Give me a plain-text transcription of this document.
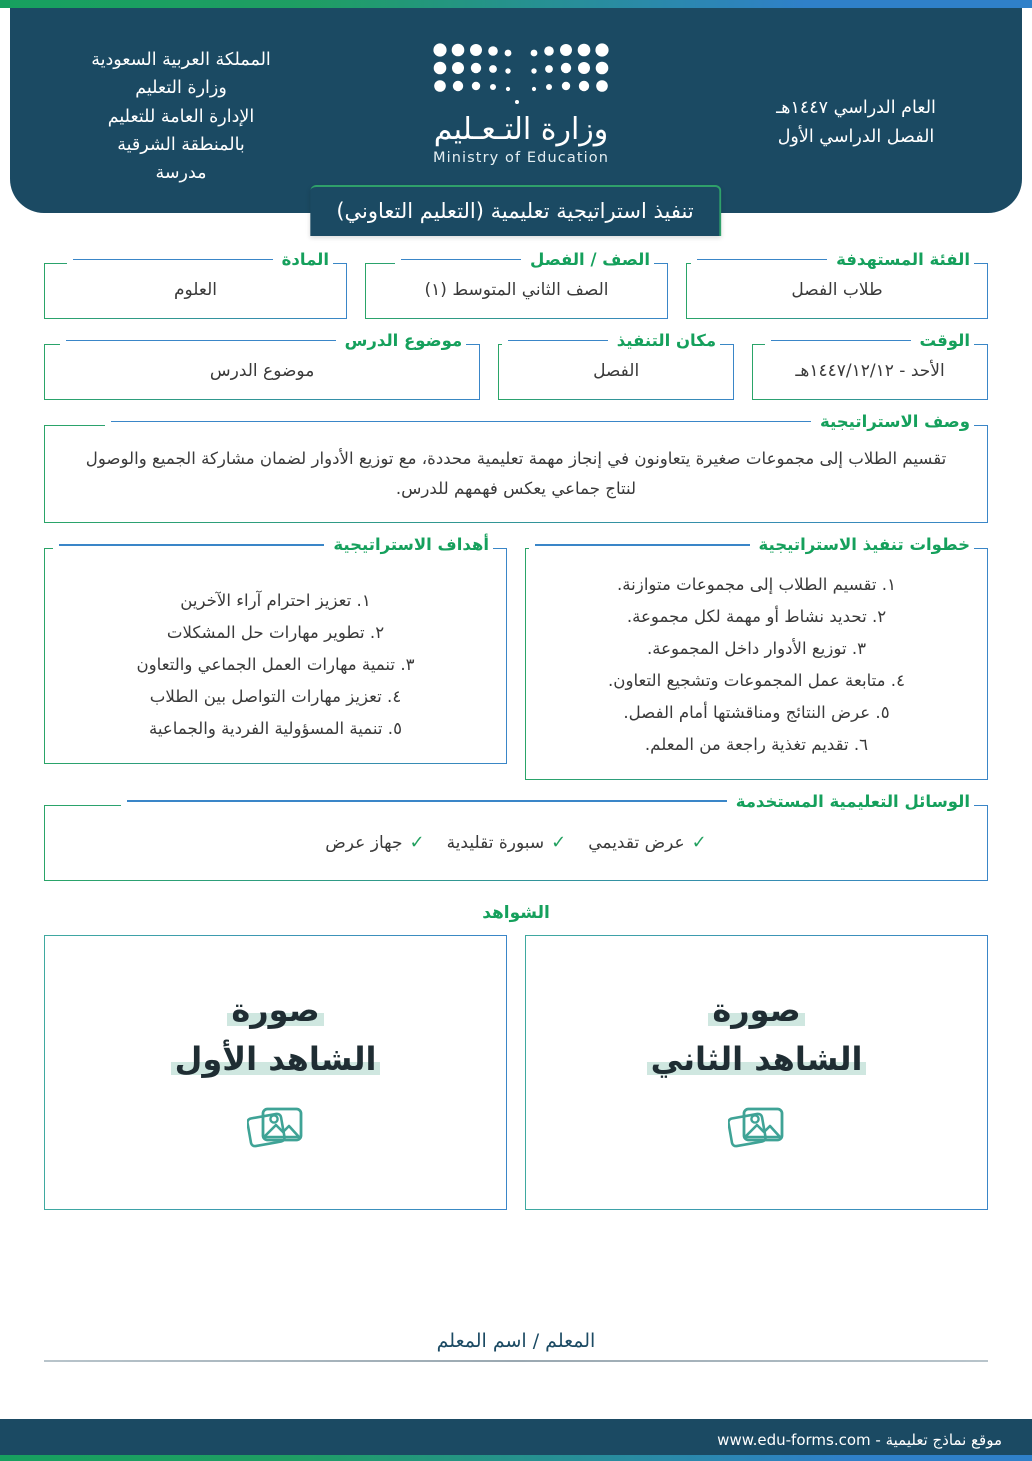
المملكة العربية السعودية
وزارة التعليم
الإدارة العامة للتعليم
بالمنطقة الشرقية
مدرسة
وزارة التـعـليم
Ministry of Education
العام الدراسي ١٤٤٧هـ
الفصل الدراسي الأول
تنفيذ استراتيجية تعليمية (التعليم التعاوني)
الفئة المستهدفة
طلاب الفصل
الصف / الفصل
الصف الثاني المتوسط (١)
المادة
العلوم
الوقت
الأحد - ١٤٤٧/١٢/١٢هـ
مكان التنفيذ
الفصل
موضوع الدرس
موضوع الدرس
وصف الاستراتيجية
تقسيم الطلاب إلى مجموعات صغيرة يتعاونون في إنجاز مهمة تعليمية محددة، مع توزيع الأدوار لضمان مشاركة الجميع والوصول لنتاج جماعي يعكس فهمهم للدرس.
خطوات تنفيذ الاستراتيجية
١. تقسيم الطلاب إلى مجموعات متوازنة.
٢. تحديد نشاط أو مهمة لكل مجموعة.
٣. توزيع الأدوار داخل المجموعة.
٤. متابعة عمل المجموعات وتشجيع التعاون.
٥. عرض النتائج ومناقشتها أمام الفصل.
٦. تقديم تغذية راجعة من المعلم.
أهداف الاستراتيجية
١. تعزيز احترام آراء الآخرين
٢. تطوير مهارات حل المشكلات
٣. تنمية مهارات العمل الجماعي والتعاون
٤. تعزيز مهارات التواصل بين الطلاب
٥. تنمية المسؤولية الفردية والجماعية
الوسائل التعليمية المستخدمة
✓
عرض تقديمي
✓
سبورة تقليدية
✓
جهاز عرض
الشواهد
صورة
الشاهد الثاني
صورة
الشاهد الأول
المعلم / اسم المعلم
موقع نماذج تعليمية - www.edu-forms.com
